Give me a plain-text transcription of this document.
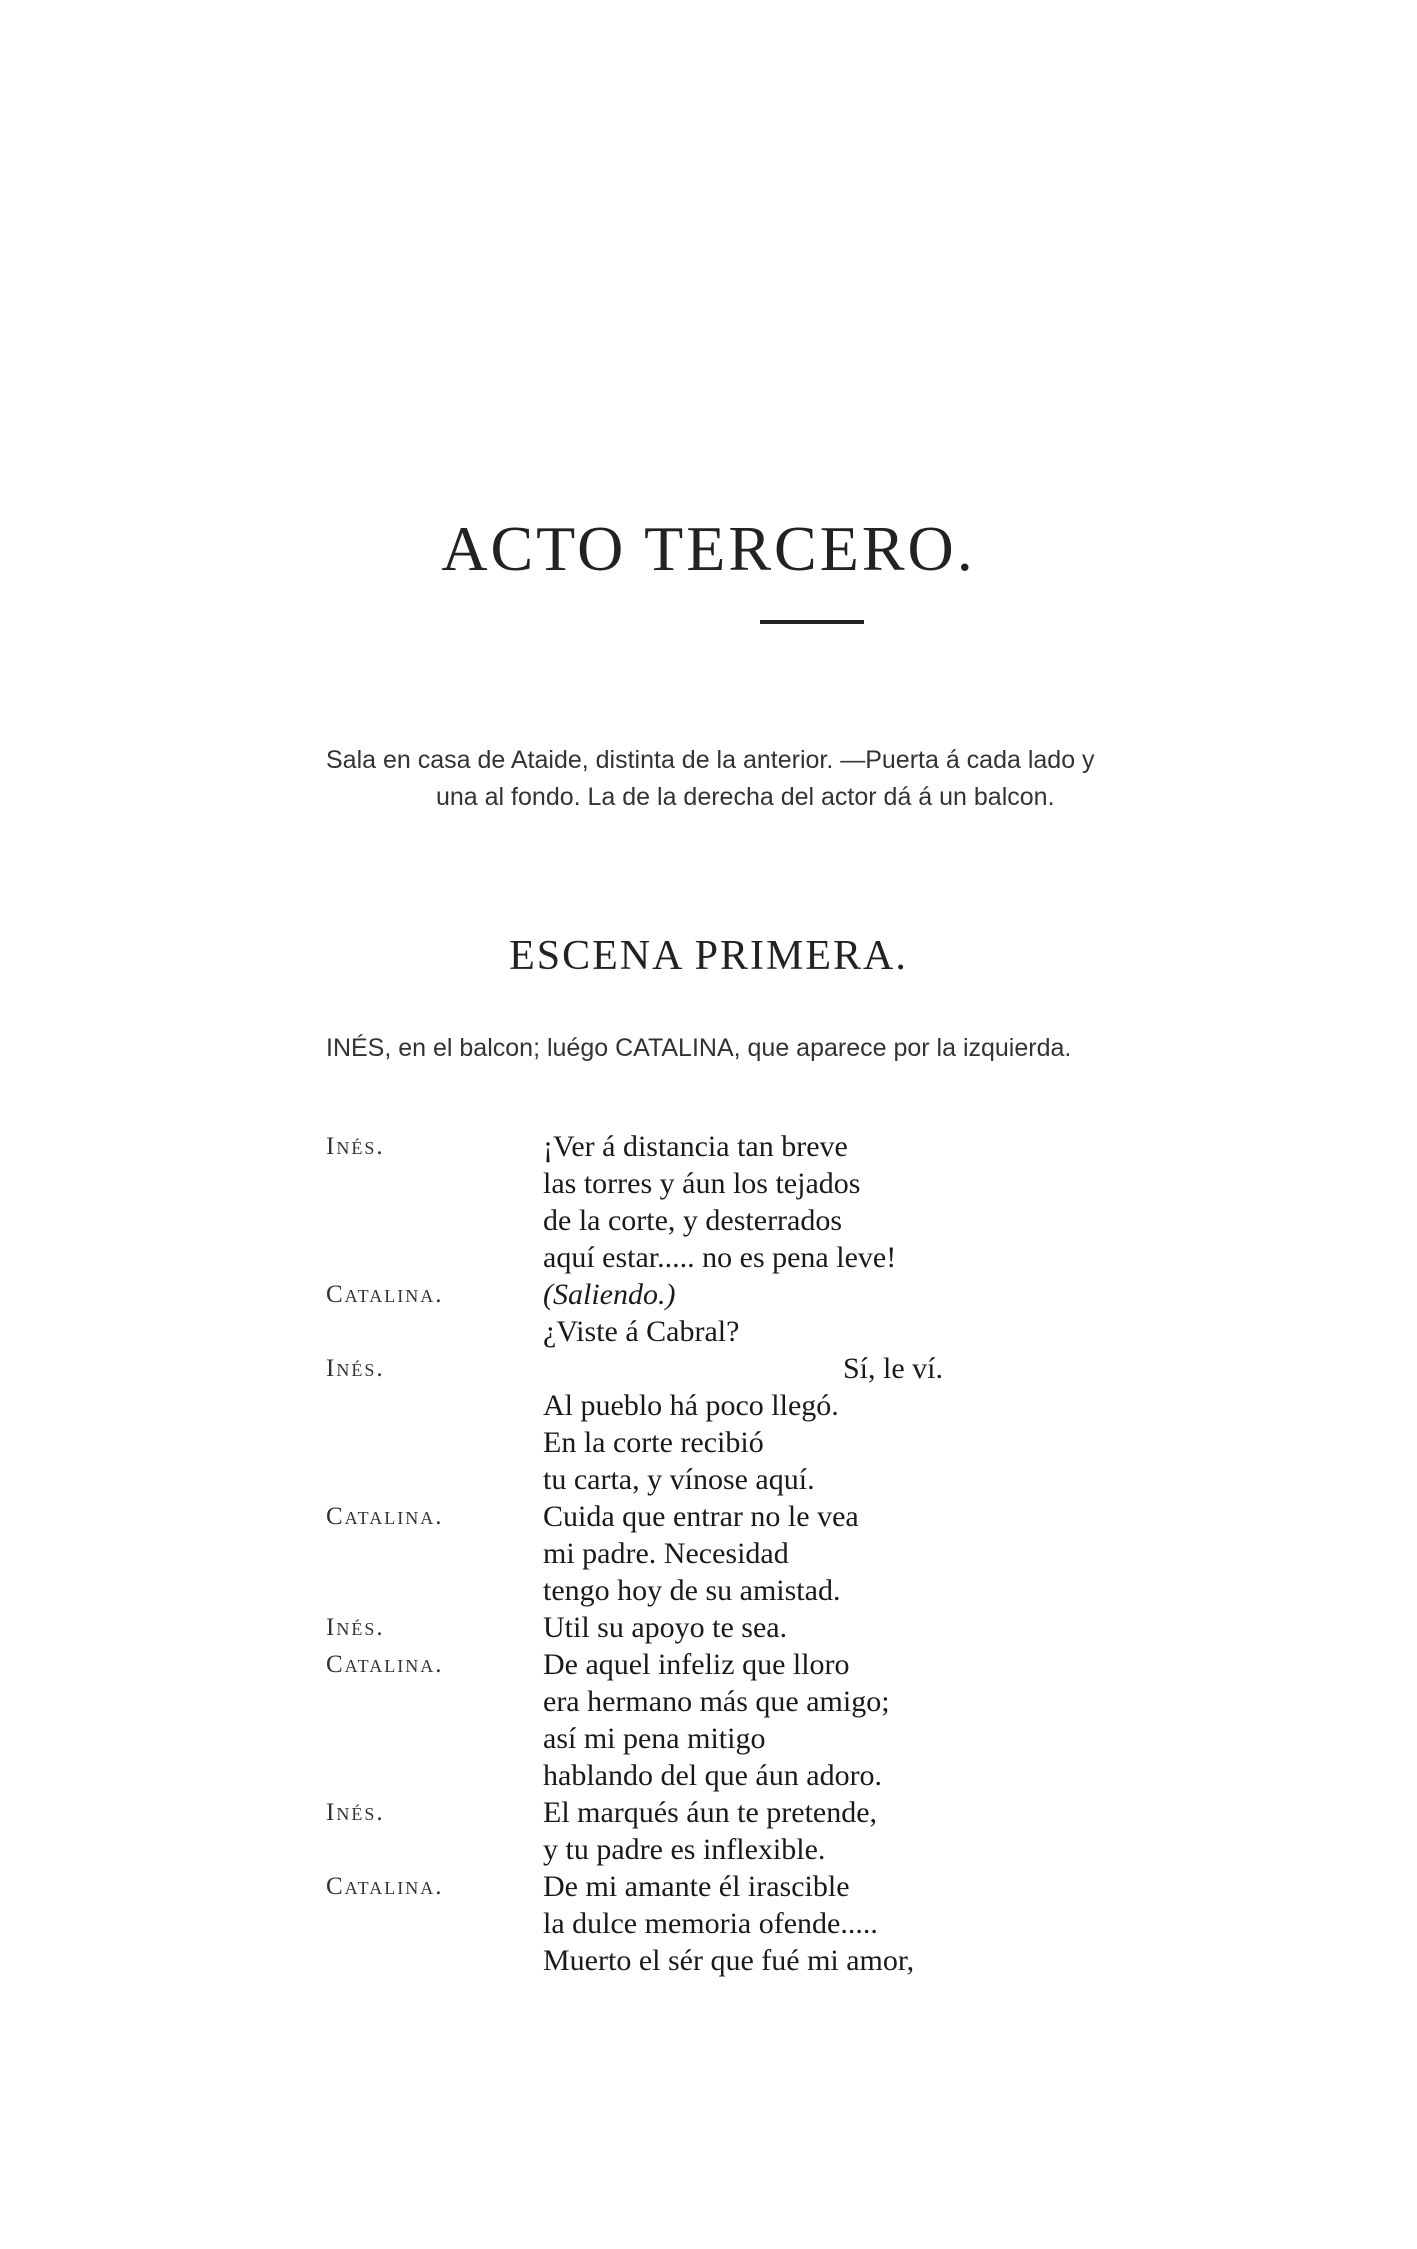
ACTO TERCERO.
Sala en casa de Ataide, distinta de la anterior. —Puerta á cada lado y
una al fondo. La de la derecha del actor dá á un balcon.
ESCENA PRIMERA.
INÉS, en el balcon; luégo CATALINA, que aparece por la izquierda.
Inés.	¡Ver á distancia tan breve
las torres y áun los tejados
de la corte, y desterrados
aquí estar..... no es pena leve!
Catalina.	(Saliendo.)
¿Viste á Cabral?
Inés.	Sí, le ví.
Al pueblo há poco llegó.
En la corte recibió
tu carta, y vínose aquí.
Catalina.	Cuida que entrar no le vea
mi padre. Necesidad
tengo hoy de su amistad.
Inés.	Util su apoyo te sea.
Catalina.	De aquel infeliz que lloro
era hermano más que amigo;
así mi pena mitigo
hablando del que áun adoro.
Inés.	El marqués áun te pretende,
y tu padre es inflexible.
Catalina.	De mi amante él irascible
la dulce memoria ofende.....
Muerto el sér que fué mi amor,
